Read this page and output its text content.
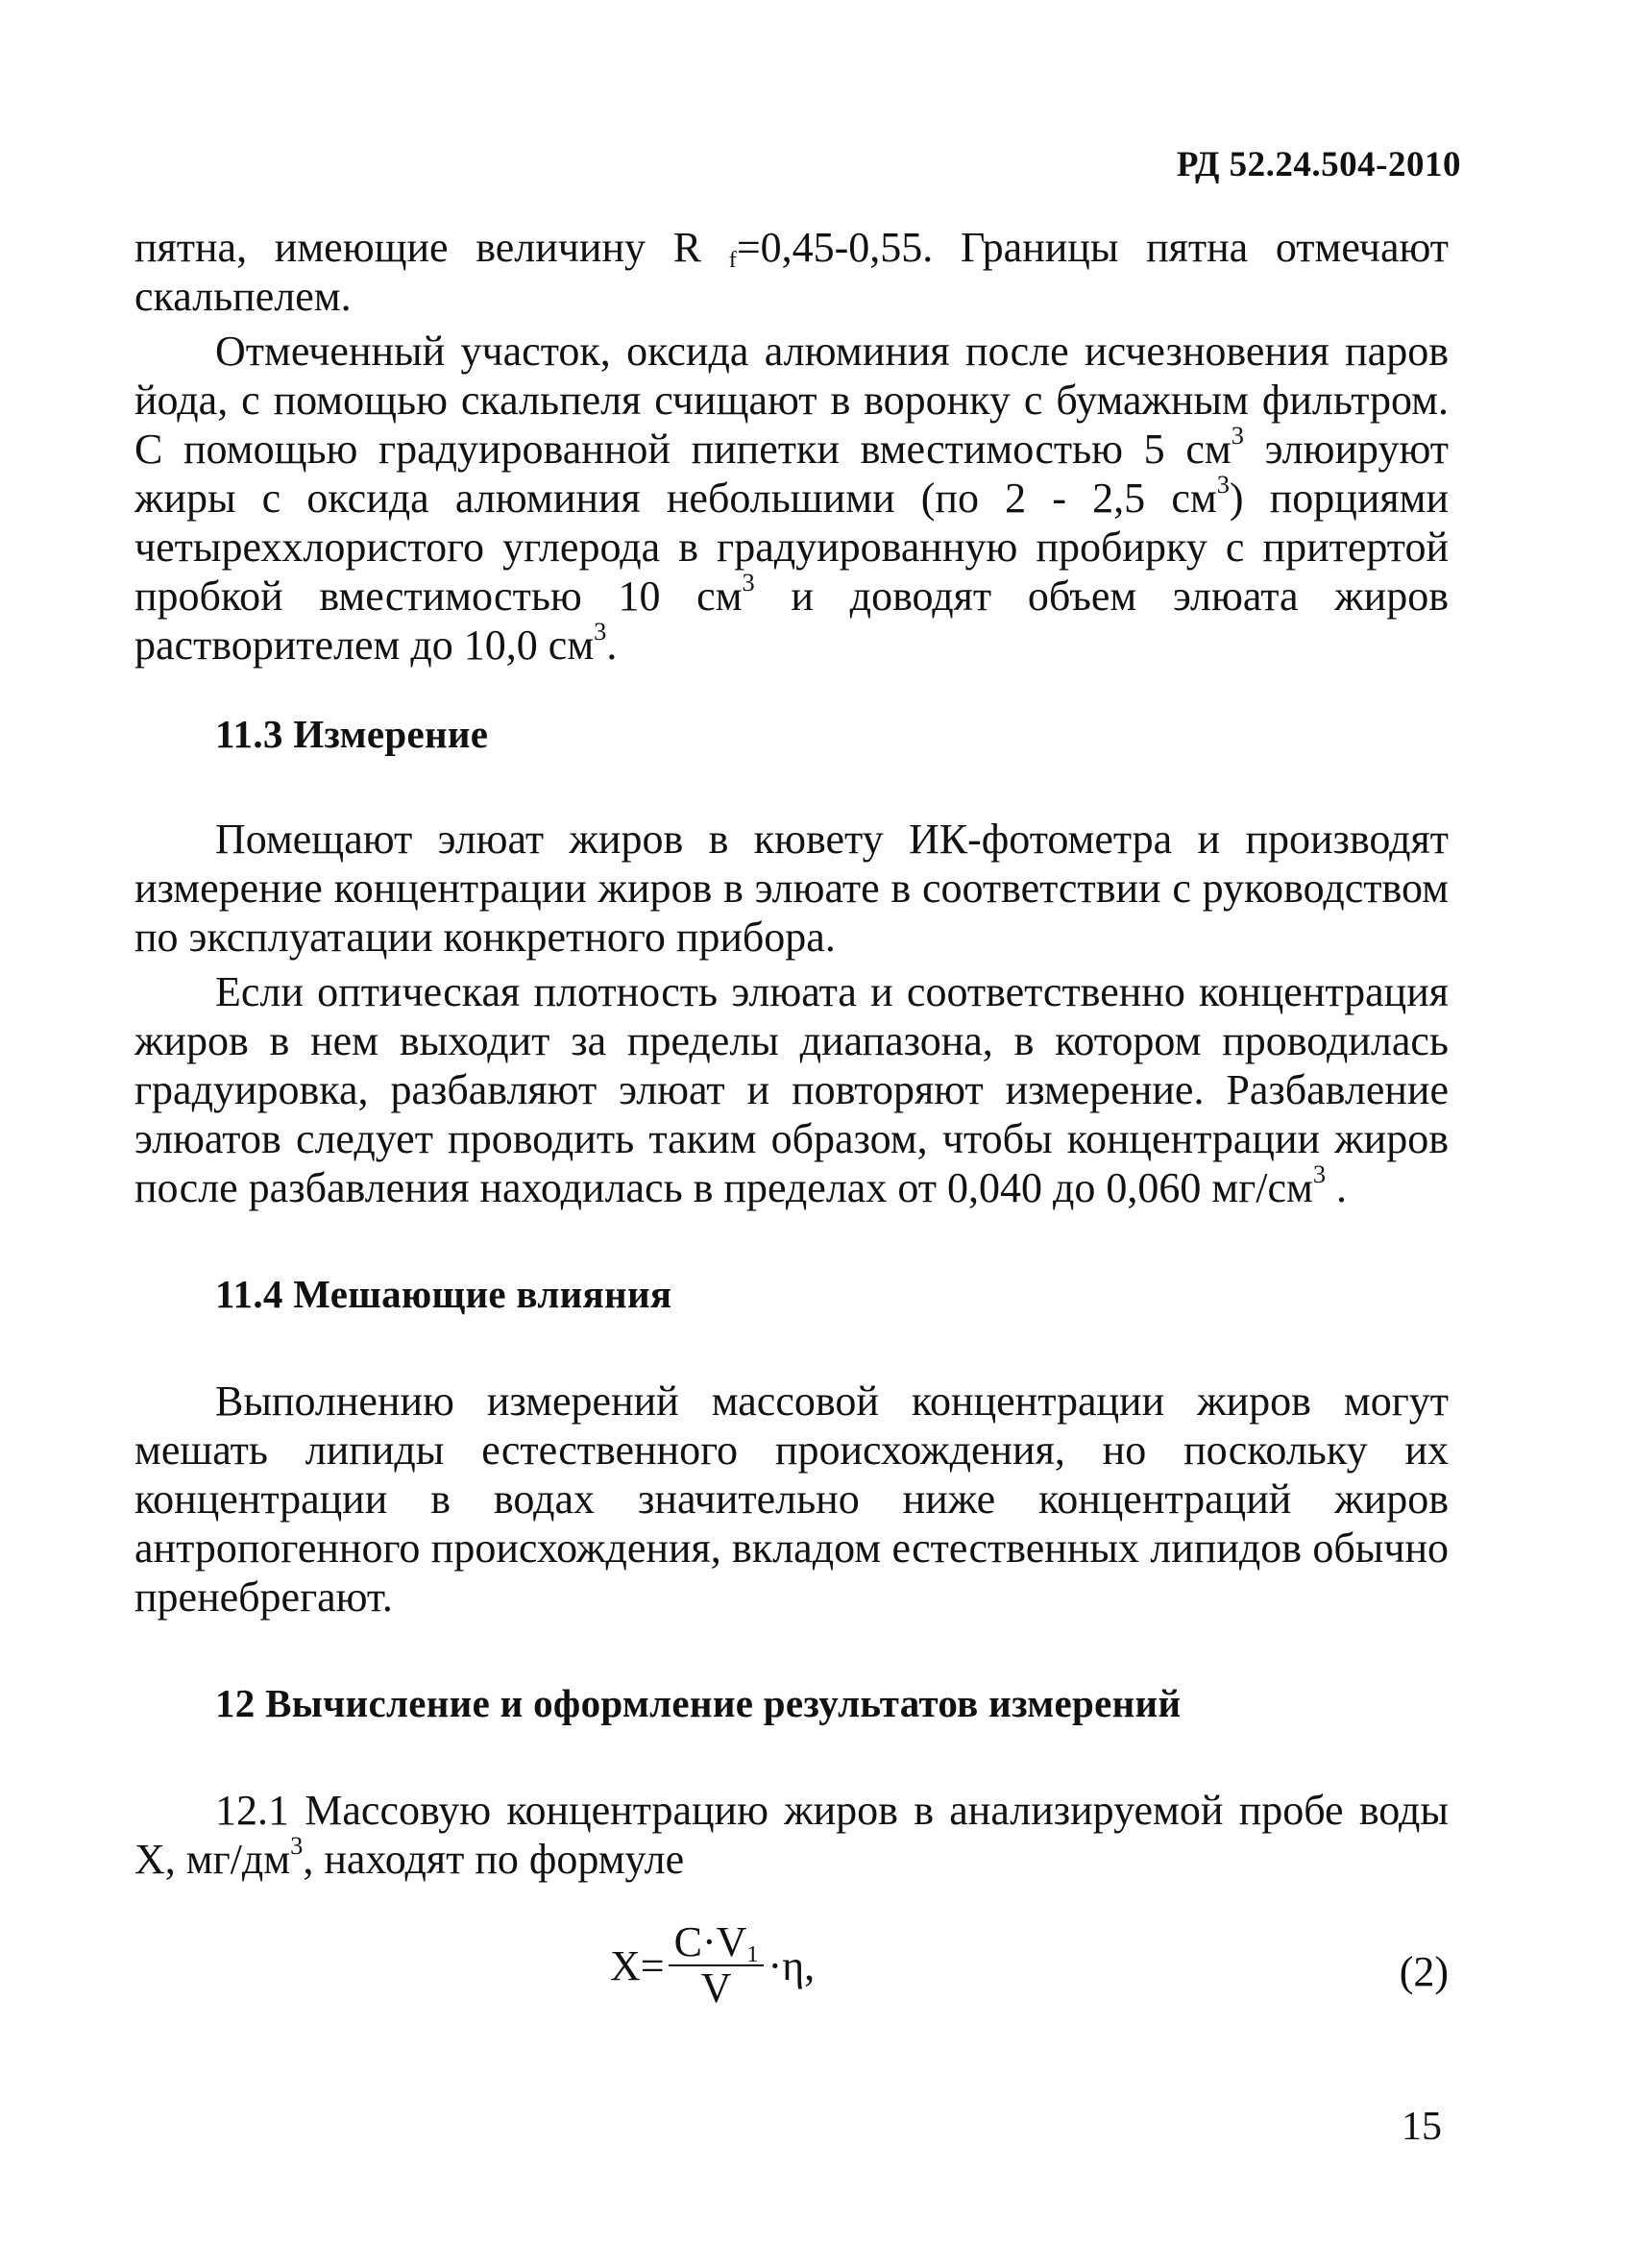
РД 52.24.504-2010

пятна, имеющие величину R $_f$=0,45-0,55. Границы пятна отмечают скальпелем.

Отмеченный участок, оксида алюминия после исчезновения паров йода, с помощью скальпеля счищают в воронку с бумажным фильтром. С помощью градуированной пипетки вместимостью 5 $см^3$ элюируют жиры с оксида алюминия небольшими (по 2 - 2,5 $см^3$) порциями четыреххлористого углерода в градуированную пробирку с притертой пробкой вместимостью 10 $см^3$ и доводят объем элюата жиров растворителем до 10,0 $см^3$.

11.3 Измерение

Помещают элюат жиров в кювету ИК-фотометра и производят измерение концентрации жиров в элюате в соответствии с руководством по эксплуатации конкретного прибора.

Если оптическая плотность элюата и соответственно концентрация жиров в нем выходит за пределы диапазона, в котором проводилась градуировка, разбавляют элюат и повторяют измерение. Разбавление элюатов следует проводить таким образом, чтобы концентрации жиров после разбавления находилась в пределах от 0,040 до 0,060 $мг/см^3$ .

11.4 Мешающие влияния

Выполнению измерений массовой концентрации жиров могут мешать липиды естественного происхождения, но поскольку их концентрации в водах значительно ниже концентраций жиров антропогенного происхождения, вкладом естественных липидов обычно пренебрегают.

12 Вычисление и оформление результатов измерений

12.1 Массовую концентрацию жиров в анализируемой пробе воды X, $мг/дм^3$, находят по формуле

$X= \frac{C\cdot V_1}{V} \cdot\eta$,	(2)
15
